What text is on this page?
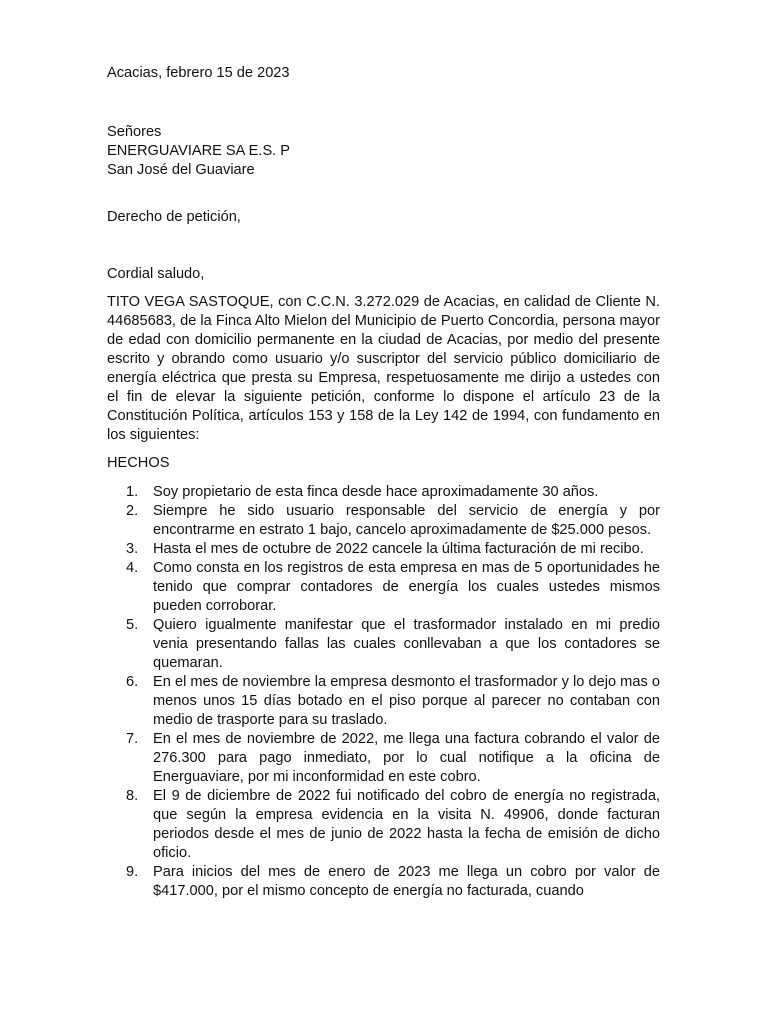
Acacias, febrero 15 de 2023
Señores
ENERGUAVIARE SA E.S. P
San José del Guaviare
Derecho de petición,
Cordial saludo,

TITO VEGA SASTOQUE, con C.C.N. 3.272.029 de Acacias, en calidad de Cliente N. 44685683, de la Finca Alto Mielon del Municipio de Puerto Concordia, persona mayor de edad con domicilio permanente en la ciudad de Acacias, por medio del presente escrito y obrando como usuario y/o suscriptor del servicio público domiciliario de energía eléctrica que presta su Empresa, respetuosamente me dirijo a ustedes con el fin de elevar la siguiente petición, conforme lo dispone el artículo 23 de la Constitución Política, artículos 153 y 158 de la Ley 142 de 1994, con fundamento en los siguientes:

HECHOS
1.	Soy propietario de esta finca desde hace aproximadamente 30 años.
2.	Siempre he sido usuario responsable del servicio de energía y por encontrarme en estrato 1 bajo, cancelo aproximadamente de $25.000 pesos.
3.	Hasta el mes de octubre de 2022 cancele la última facturación de mi recibo.
4.	Como consta en los registros de esta empresa en mas de 5 oportunidades he tenido que comprar contadores de energía los cuales ustedes mismos pueden corroborar.
5.	Quiero igualmente manifestar que el trasformador instalado en mi predio venia presentando fallas las cuales conllevaban a que los contadores se quemaran.
6.	En el mes de noviembre la empresa desmonto el trasformador y lo dejo mas o menos unos 15 días botado en el piso porque al parecer no contaban con medio de trasporte para su traslado.
7.	En el mes de noviembre de 2022, me llega una factura cobrando el valor de 276.300 para pago inmediato, por lo cual notifique a la oficina de Energuaviare, por mi inconformidad en este cobro.
8.	El 9 de diciembre de 2022 fui notificado del cobro de energía no registrada, que según la empresa evidencia en la visita N. 49906, donde facturan periodos desde el mes de junio de 2022 hasta la fecha de emisión de dicho oficio.
9.	Para inicios del mes de enero de 2023 me llega un cobro por valor de $417.000, por el mismo concepto de energía no facturada, cuando
